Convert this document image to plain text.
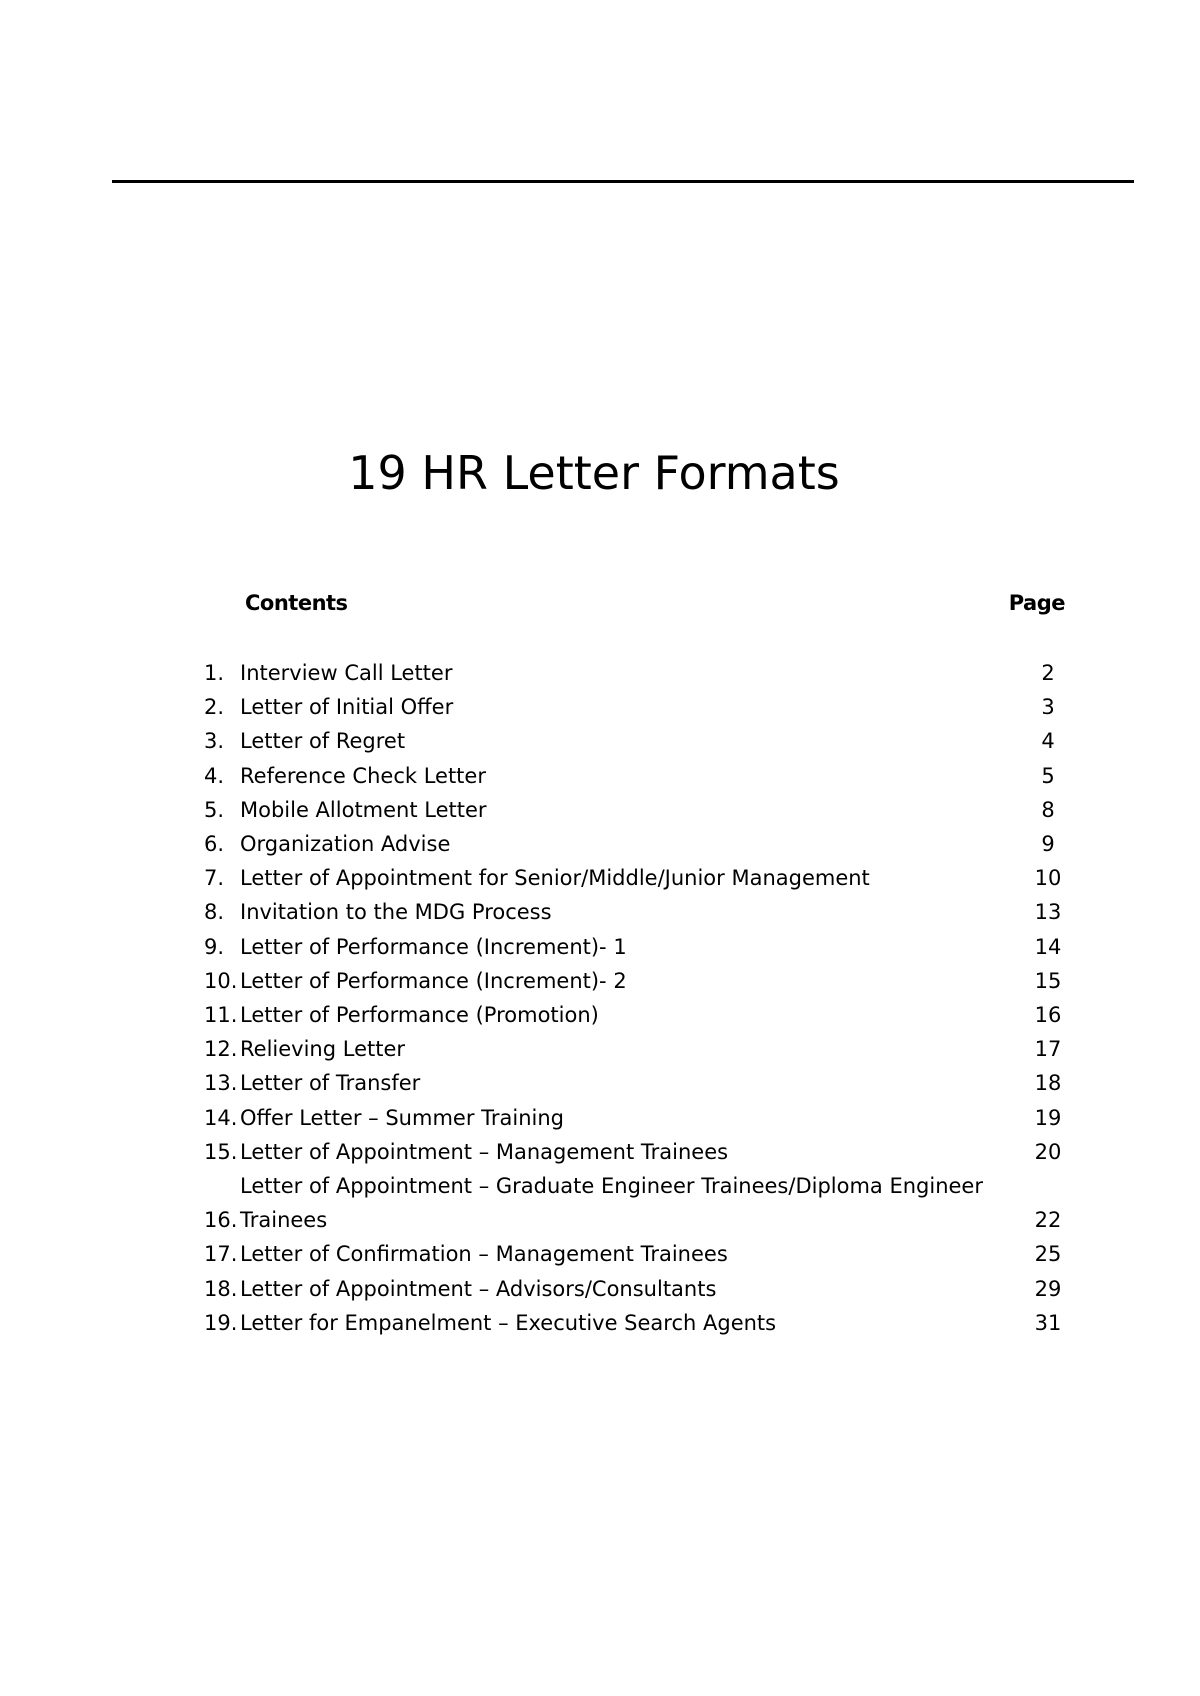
19 HR Letter Formats
Contents	Page
1. Interview Call Letter	2
2. Letter of Initial Offer	3
3. Letter of Regret	4
4. Reference Check Letter	5
5. Mobile Allotment Letter	8
6. Organization Advise	9
7. Letter of Appointment for Senior/Middle/Junior Management	10
8. Invitation to the MDG Process	13
9. Letter of Performance (Increment)- 1	14
10. Letter of Performance (Increment)- 2	15
11. Letter of Performance (Promotion)	16
12. Relieving Letter	17
13. Letter of Transfer	18
14. Offer Letter – Summer Training	19
15. Letter of Appointment – Management Trainees	20
16.
Letter of Appointment – Graduate Engineer Trainees/Diploma Engineer
Trainees	22
17. Letter of Confirmation – Management Trainees	25
18. Letter of Appointment – Advisors/Consultants	29
19. Letter for Empanelment – Executive Search Agents	31
